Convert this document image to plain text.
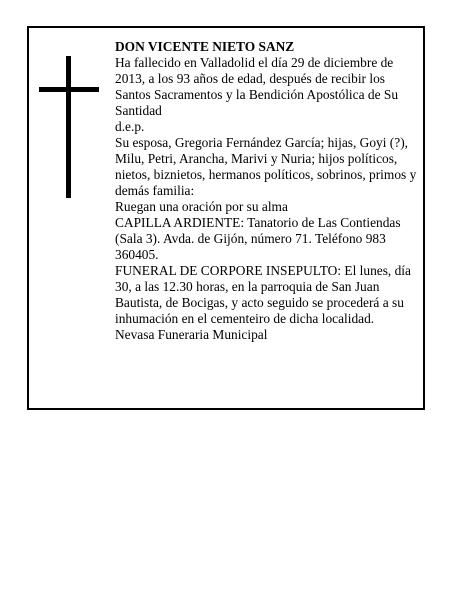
DON VICENTE NIETO SANZ

Ha fallecido en Valladolid el día 29 de diciembre de 2013, a los 93 años de edad, después de recibir los Santos Sacramentos y la Bendición Apostólica de Su Santidad

d.e.p.

Su esposa, Gregoria Fernández García; hijas, Goyi (?), Milu, Petri, Arancha, Marivi y Nuria; hijos políticos, nietos, biznietos, hermanos políticos, sobrinos, primos y demás familia:

Ruegan una oración por su alma

CAPILLA ARDIENTE: Tanatorio de Las Contiendas (Sala 3). Avda. de Gijón, número 71. Teléfono 983 360405.

FUNERAL DE CORPORE INSEPULTO: El lunes, día 30, a las 12.30 horas, en la parroquia de San Juan Bautista, de Bocigas, y acto seguido se procederá a su inhumación en el cementeiro de dicha localidad.

Nevasa Funeraria Municipal
